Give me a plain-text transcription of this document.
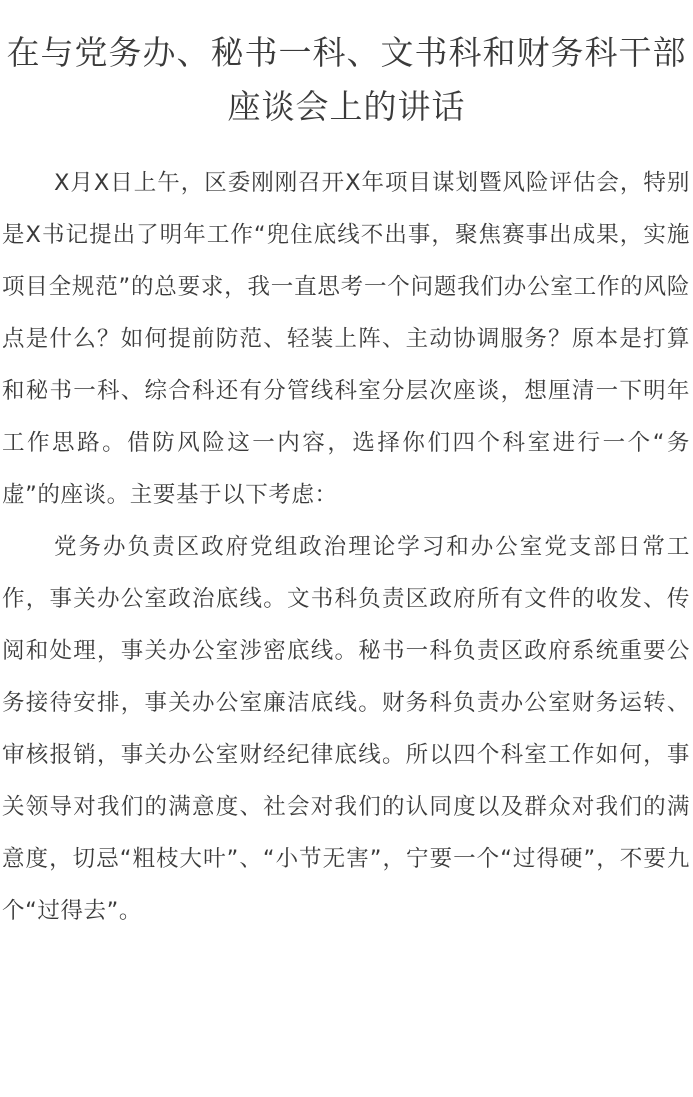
在与党务办、秘书一科、文书科和财务科干部座谈会上的讲话

X月X日上午，区委刚刚召开X年项目谋划暨风险评估会，特别是X书记提出了明年工作“兜住底线不出事，聚焦赛事出成果，实施项目全规范”的总要求，我一直思考一个问题我们办公室工作的风险点是什么？如何提前防范、轻装上阵、主动协调服务？原本是打算和秘书一科、综合科还有分管线科室分层次座谈，想厘清一下明年工作思路。借防风险这一内容，选择你们四个科室进行一个“务虚”的座谈。主要基于以下考虑：

党务办负责区政府党组政治理论学习和办公室党支部日常工作，事关办公室政治底线。文书科负责区政府所有文件的收发、传阅和处理，事关办公室涉密底线。秘书一科负责区政府系统重要公务接待安排，事关办公室廉洁底线。财务科负责办公室财务运转、审核报销，事关办公室财经纪律底线。所以四个科室工作如何，事关领导对我们的满意度、社会对我们的认同度以及群众对我们的满意度，切忌“粗枝大叶”、“小节无害”，宁要一个“过得硬”，不要九个“过得去”。
